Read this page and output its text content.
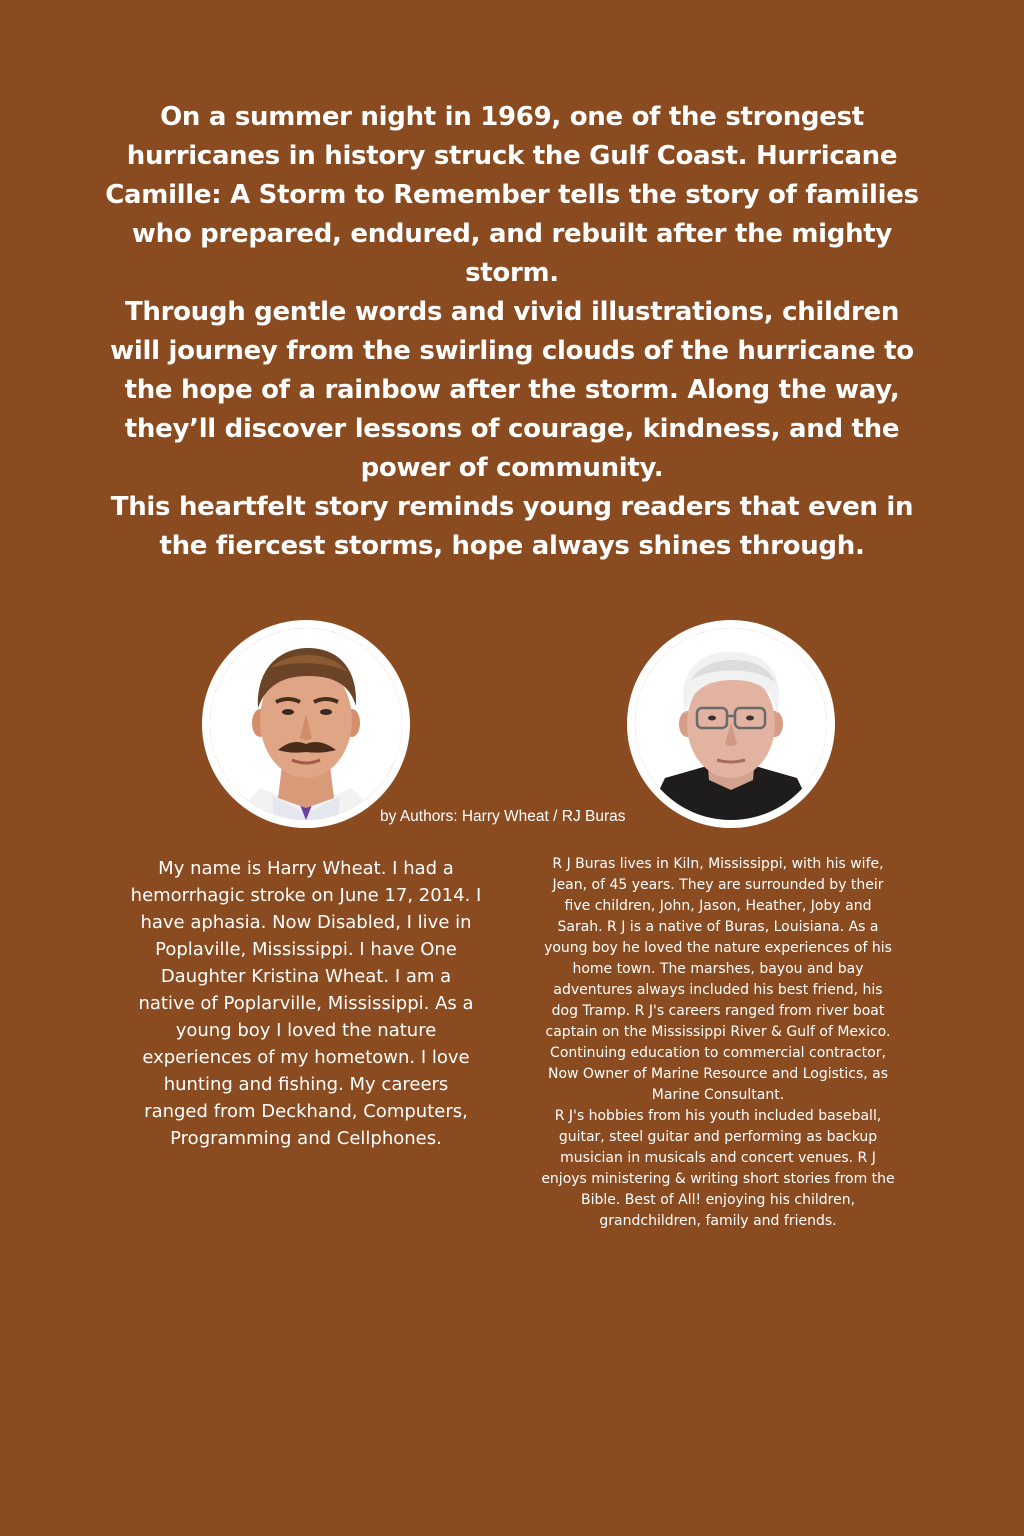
On a summer night in 1969, one of the strongest hurricanes in history struck the Gulf Coast. Hurricane Camille: A Storm to Remember tells the story of families who prepared, endured, and rebuilt after the mighty storm.

Through gentle words and vivid illustrations, children will journey from the swirling clouds of the hurricane to the hope of a rainbow after the storm. Along the way, they’ll discover lessons of courage, kindness, and the power of community.

This heartfelt story reminds young readers that even in the fiercest storms, hope always shines through.

by Authors: Harry Wheat / RJ Buras

My name is Harry Wheat. I had a hemorrhagic stroke on June 17, 2014. I have aphasia. Now Disabled, I live in Poplaville, Mississippi. I have One Daughter Kristina Wheat. I am a native of Poplarville, Mississippi. As a young boy I loved the nature experiences of my hometown. I love hunting and fishing. My careers ranged from Deckhand, Computers, Programming and Cellphones.

R J Buras lives in Kiln, Mississippi, with his wife, Jean, of 45 years. They are surrounded by their five children, John, Jason, Heather, Joby and Sarah. R J is a native of Buras, Louisiana. As a young boy he loved the nature experiences of his home town. The marshes, bayou and bay adventures always included his best friend, his dog Tramp. R J's careers ranged from river boat captain on the Mississippi River & Gulf of Mexico. Continuing education to commercial contractor, Now Owner of Marine Resource and Logistics, as Marine Consultant.

R J's hobbies from his youth included baseball, guitar, steel guitar and performing as backup musician in musicals and concert venues. R J enjoys ministering & writing short stories from the Bible. Best of All! enjoying his children, grandchildren, family and friends.
